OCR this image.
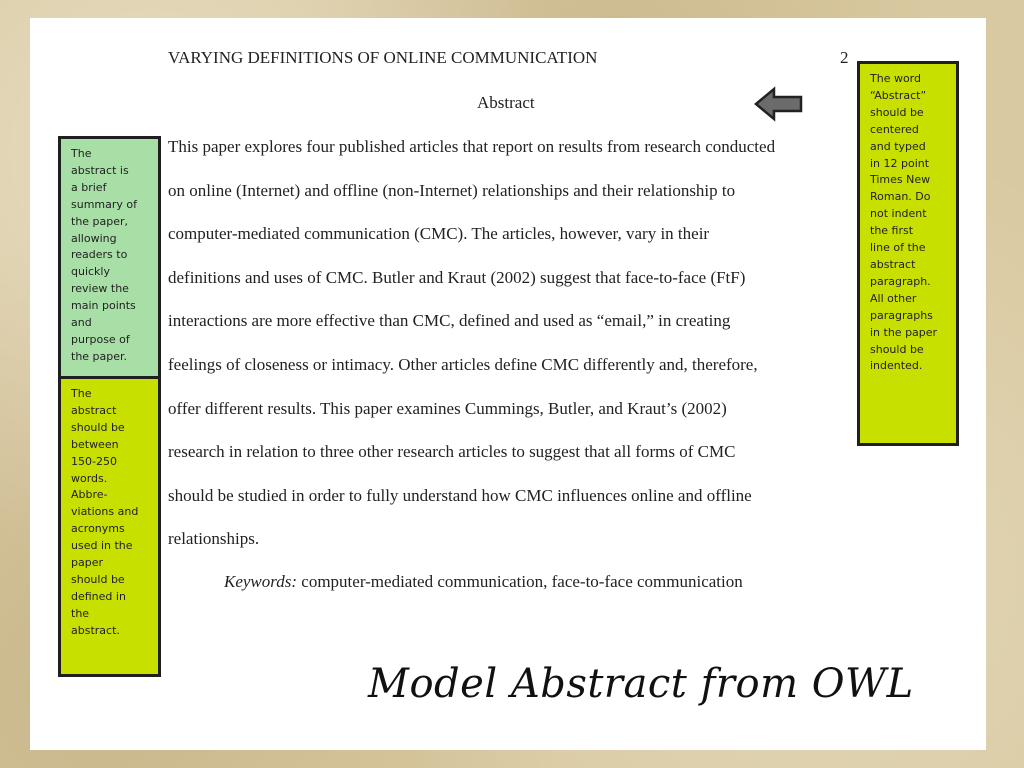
VARYING DEFINITIONS OF ONLINE COMMUNICATION	2
Abstract
This paper explores four published articles that report on results from research conducted
on online (Internet) and offline (non-Internet) relationships and their relationship to
computer-mediated communication (CMC). The articles, however, vary in their
definitions and uses of CMC. Butler and Kraut (2002) suggest that face-to-face (FtF)
interactions are more effective than CMC, defined and used as “email,” in creating
feelings of closeness or intimacy. Other articles define CMC differently and, therefore,
offer different results. This paper examines Cummings, Butler, and Kraut’s (2002)
research in relation to three other research articles to suggest that all forms of CMC
should be studied in order to fully understand how CMC influences online and offline
relationships.
Keywords: computer-mediated communication, face-to-face communication

The
abstract is
a brief
summary of
the paper,
allowing
readers to
quickly
review the
main points
and
purpose of
the paper.

The
abstract
should be
between
150-250
words.
Abbre-
viations and
acronyms
used in the
paper
should be
defined in
the
abstract.

The word
“Abstract”
should be
centered
and typed
in 12 point
Times New
Roman. Do
not indent
the first
line of the
abstract
paragraph.
All other
paragraphs
in the paper
should be
indented.

Model Abstract from OWL
